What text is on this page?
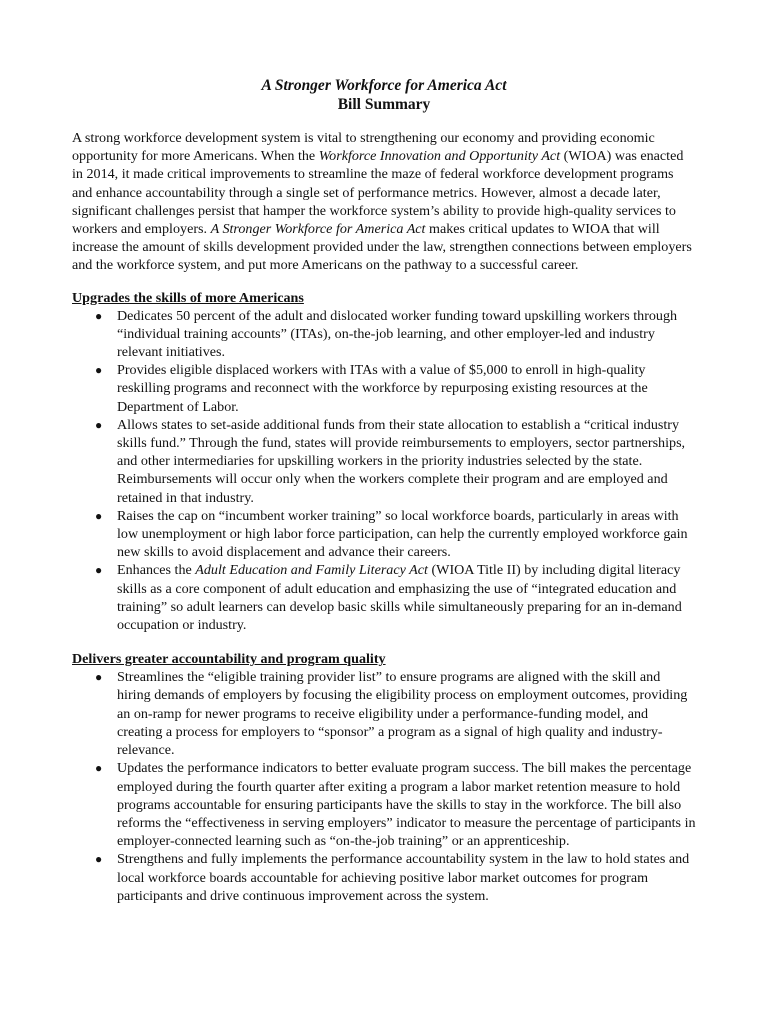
A Stronger Workforce for America Act
Bill Summary

A strong workforce development system is vital to strengthening our economy and providing economic opportunity for more Americans. When the Workforce Innovation and Opportunity Act (WIOA) was enacted in 2014, it made critical improvements to streamline the maze of federal workforce development programs and enhance accountability through a single set of performance metrics. However, almost a decade later, significant challenges persist that hamper the workforce system’s ability to provide high-quality services to workers and employers. A Stronger Workforce for America Act makes critical updates to WIOA that will increase the amount of skills development provided under the law, strengthen connections between employers and the workforce system, and put more Americans on the pathway to a successful career.

Upgrades the skills of more Americans
● Dedicates 50 percent of the adult and dislocated worker funding toward upskilling workers through “individual training accounts” (ITAs), on-the-job learning, and other employer-led and industry relevant initiatives.
● Provides eligible displaced workers with ITAs with a value of $5,000 to enroll in high-quality reskilling programs and reconnect with the workforce by repurposing existing resources at the Department of Labor.
● Allows states to set-aside additional funds from their state allocation to establish a “critical industry skills fund.” Through the fund, states will provide reimbursements to employers, sector partnerships, and other intermediaries for upskilling workers in the priority industries selected by the state. Reimbursements will occur only when the workers complete their program and are employed and retained in that industry.
● Raises the cap on “incumbent worker training” so local workforce boards, particularly in areas with low unemployment or high labor force participation, can help the currently employed workforce gain new skills to avoid displacement and advance their careers.
● Enhances the Adult Education and Family Literacy Act (WIOA Title II) by including digital literacy skills as a core component of adult education and emphasizing the use of “integrated education and training” so adult learners can develop basic skills while simultaneously preparing for an in-demand occupation or industry.
Delivers greater accountability and program quality
● Streamlines the “eligible training provider list” to ensure programs are aligned with the skill and hiring demands of employers by focusing the eligibility process on employment outcomes, providing an on-ramp for newer programs to receive eligibility under a performance-funding model, and creating a process for employers to “sponsor” a program as a signal of high quality and industry-relevance.
● Updates the performance indicators to better evaluate program success. The bill makes the percentage employed during the fourth quarter after exiting a program a labor market retention measure to hold programs accountable for ensuring participants have the skills to stay in the workforce. The bill also reforms the “effectiveness in serving employers” indicator to measure the percentage of participants in employer-connected learning such as “on-the-job training” or an apprenticeship.
● Strengthens and fully implements the performance accountability system in the law to hold states and local workforce boards accountable for achieving positive labor market outcomes for program participants and drive continuous improvement across the system.
